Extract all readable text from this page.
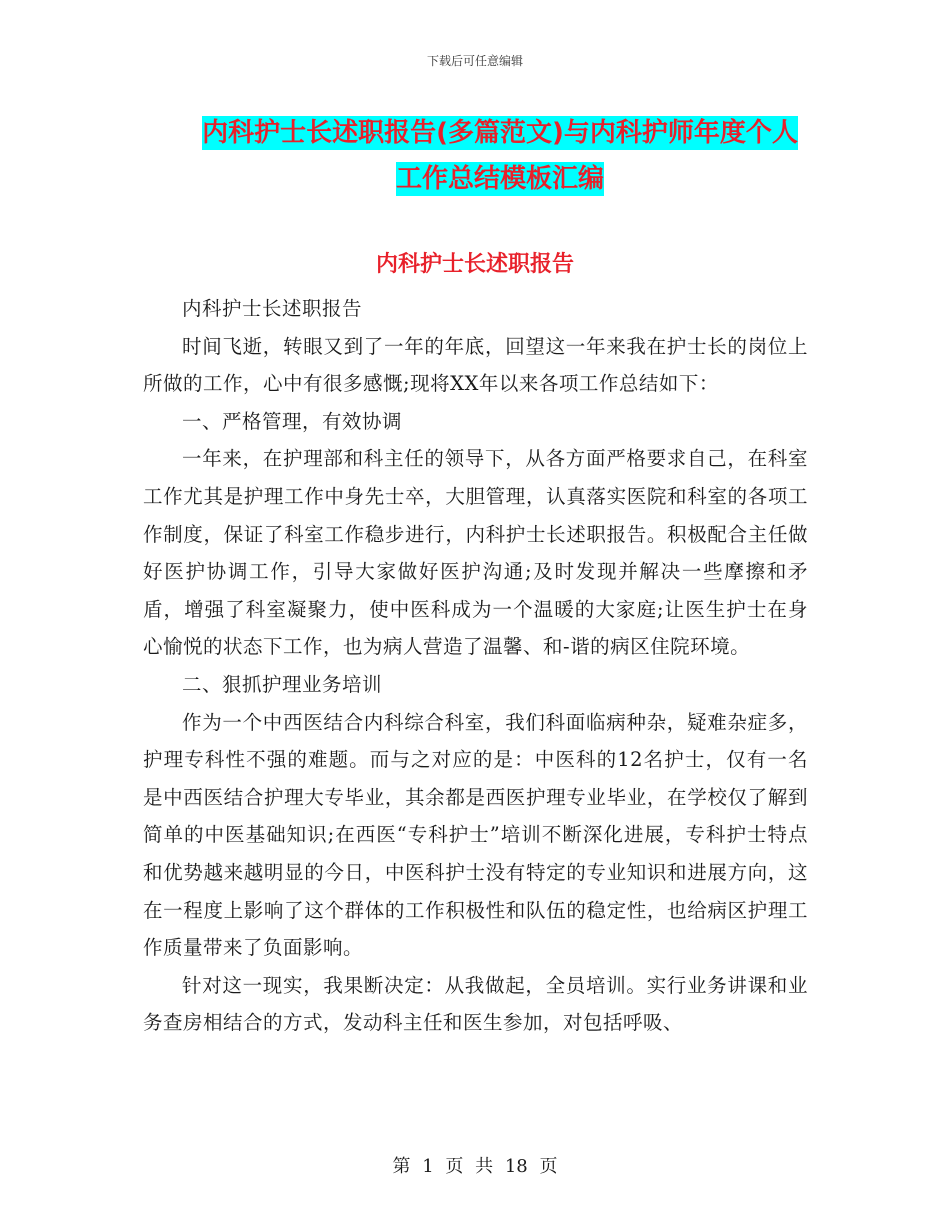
下载后可任意编辑
内科护士长述职报告(多篇范文)与内科护师年度个人
工作总结模板汇编
内科护士长述职报告

内科护士长述职报告

时间飞逝，转眼又到了一年的年底，回望这一年来我在护士长的岗位上所做的工作，心中有很多感慨;现将XX年以来各项工作总结如下：

一、严格管理，有效协调

一年来，在护理部和科主任的领导下，从各方面严格要求自己，在科室工作尤其是护理工作中身先士卒，大胆管理，认真落实医院和科室的各项工作制度，保证了科室工作稳步进行，内科护士长述职报告。积极配合主任做好医护协调工作，引导大家做好医护沟通;及时发现并解决一些摩擦和矛盾，增强了科室凝聚力，使中医科成为一个温暖的大家庭;让医生护士在身心愉悦的状态下工作，也为病人营造了温馨、和-谐的病区住院环境。

二、狠抓护理业务培训

作为一个中西医结合内科综合科室，我们科面临病种杂，疑难杂症多，护理专科性不强的难题。而与之对应的是：中医科的12名护士，仅有一名是中西医结合护理大专毕业，其余都是西医护理专业毕业，在学校仅了解到简单的中医基础知识;在西医“专科护士”培训不断深化进展，专科护士特点和优势越来越明显的今日，中医科护士没有特定的专业知识和进展方向，这在一程度上影响了这个群体的工作积极性和队伍的稳定性，也给病区护理工作质量带来了负面影响。

针对这一现实，我果断决定：从我做起，全员培训。实行业务讲课和业务查房相结合的方式，发动科主任和医生参加，对包括呼吸、

第 1 页 共 18 页
